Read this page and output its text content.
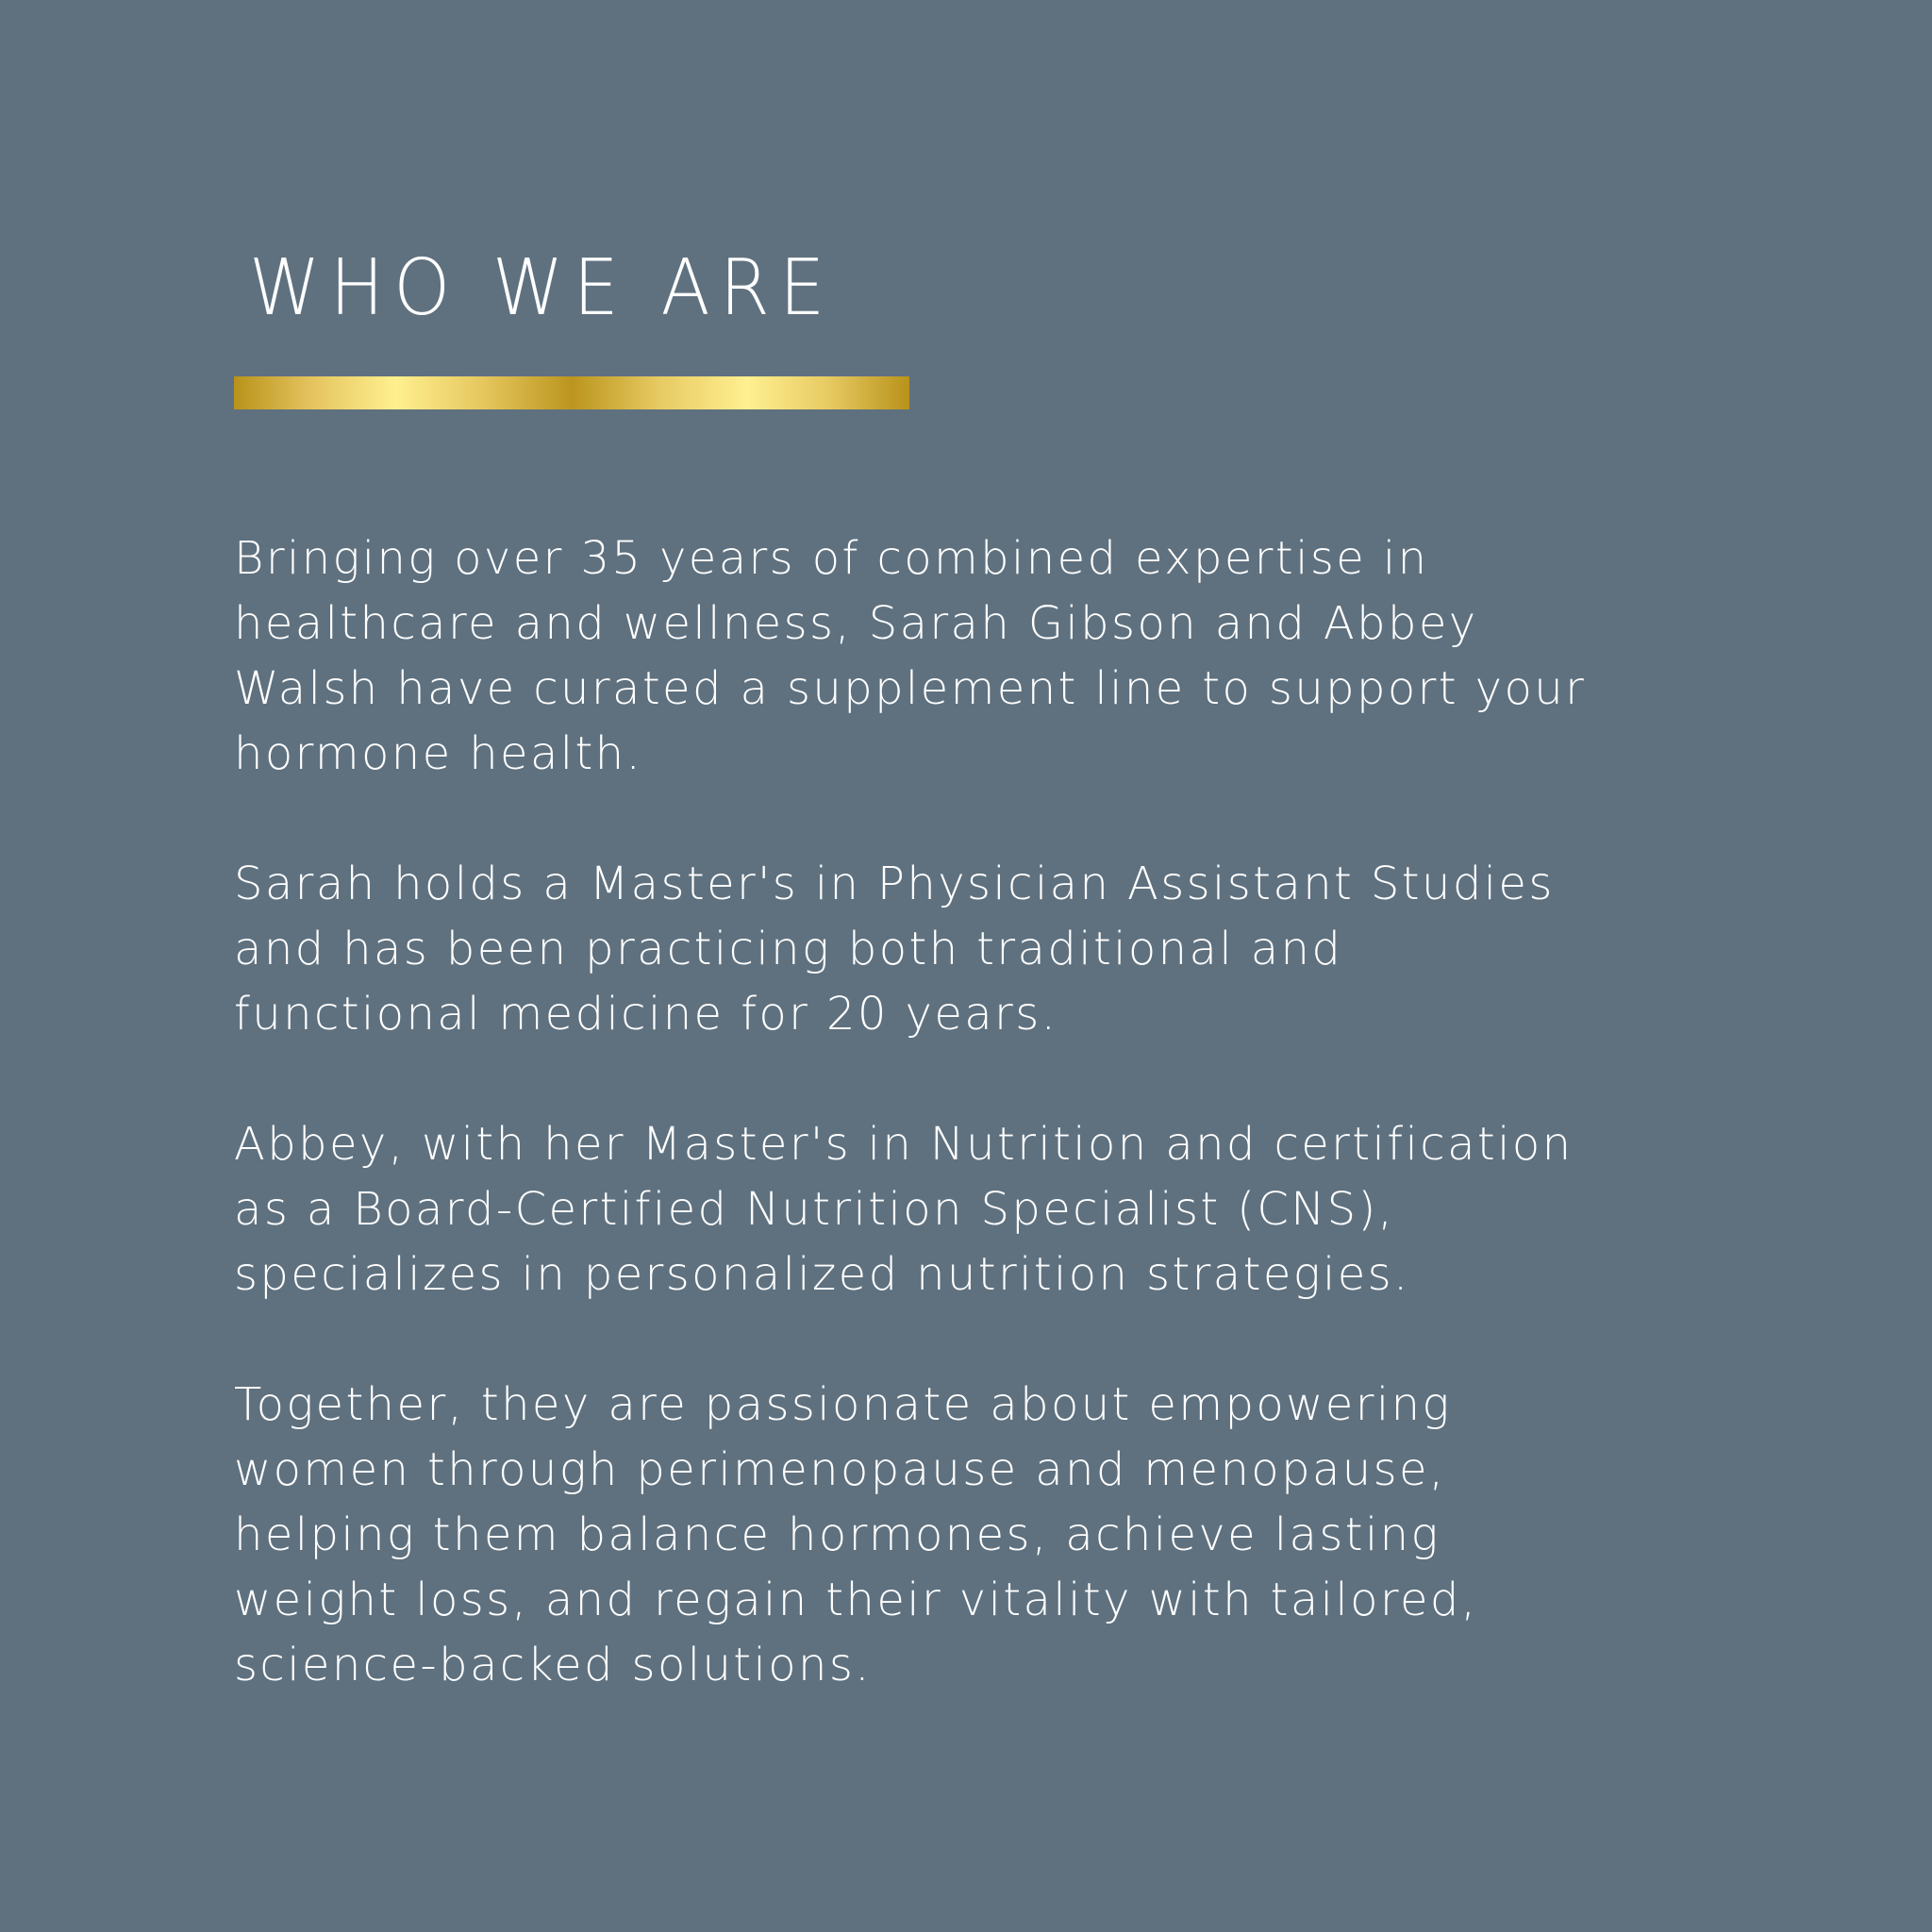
WHO WE ARE

Bringing over 35 years of combined expertise in
healthcare and wellness, Sarah Gibson and Abbey
Walsh have curated a supplement line to support your
hormone health.

Sarah holds a Master's in Physician Assistant Studies
and has been practicing both traditional and
functional medicine for 20 years.

Abbey, with her Master's in Nutrition and certification
as a Board-Certified Nutrition Specialist (CNS),
specializes in personalized nutrition strategies.

Together, they are passionate about empowering
women through perimenopause and menopause,
helping them balance hormones, achieve lasting
weight loss, and regain their vitality with tailored,
science-backed solutions.
